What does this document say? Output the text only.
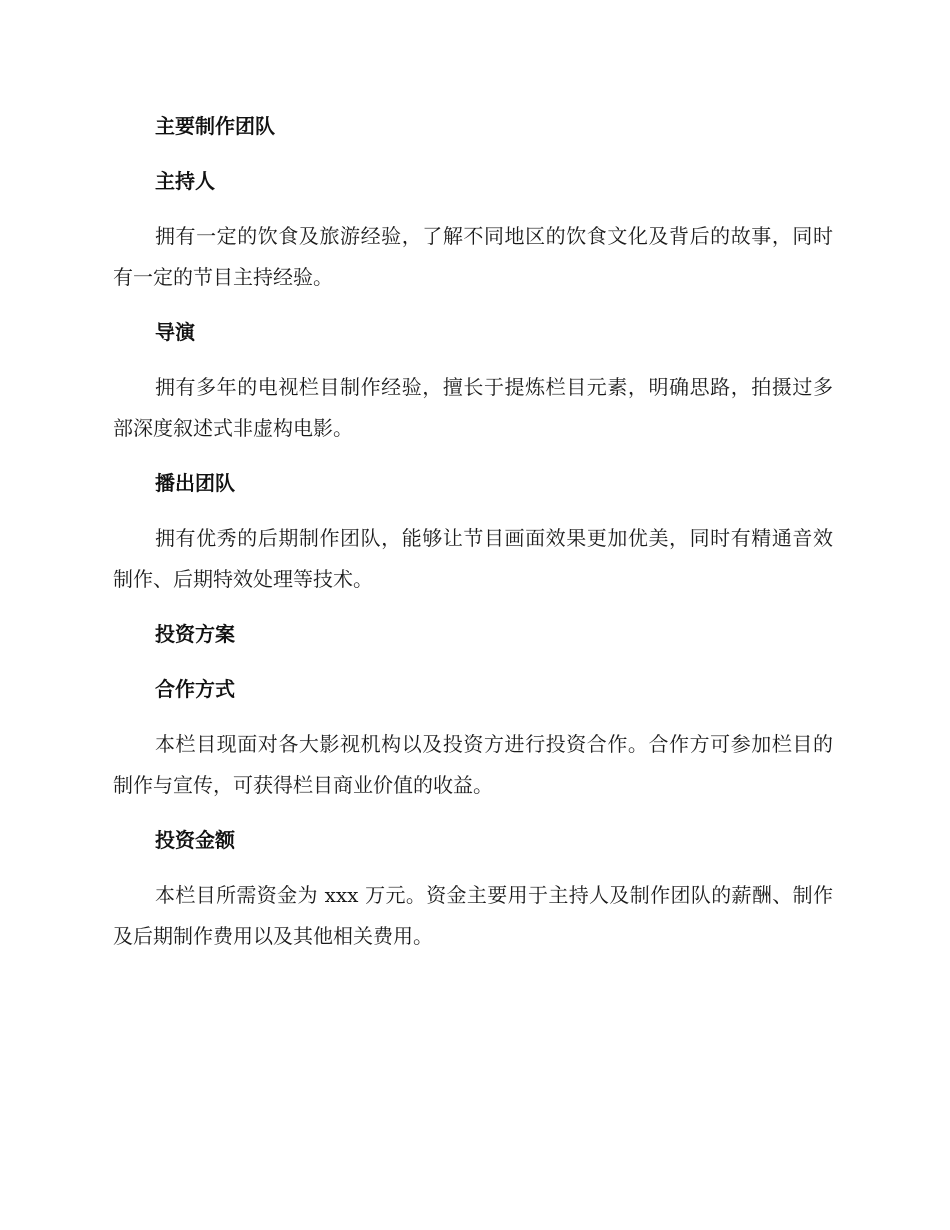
主要制作团队
主持人

拥有一定的饮食及旅游经验，了解不同地区的饮食文化及背后的故事，同时有一定的节目主持经验。

导演

拥有多年的电视栏目制作经验，擅长于提炼栏目元素，明确思路，拍摄过多部深度叙述式非虚构电影。

播出团队

拥有优秀的后期制作团队，能够让节目画面效果更加优美，同时有精通音效制作、后期特效处理等技术。

投资方案
合作方式

本栏目现面对各大影视机构以及投资方进行投资合作。合作方可参加栏目的制作与宣传，可获得栏目商业价值的收益。

投资金额

本栏目所需资金为 xxx 万元。资金主要用于主持人及制作团队的薪酬、制作及后期制作费用以及其他相关费用。
